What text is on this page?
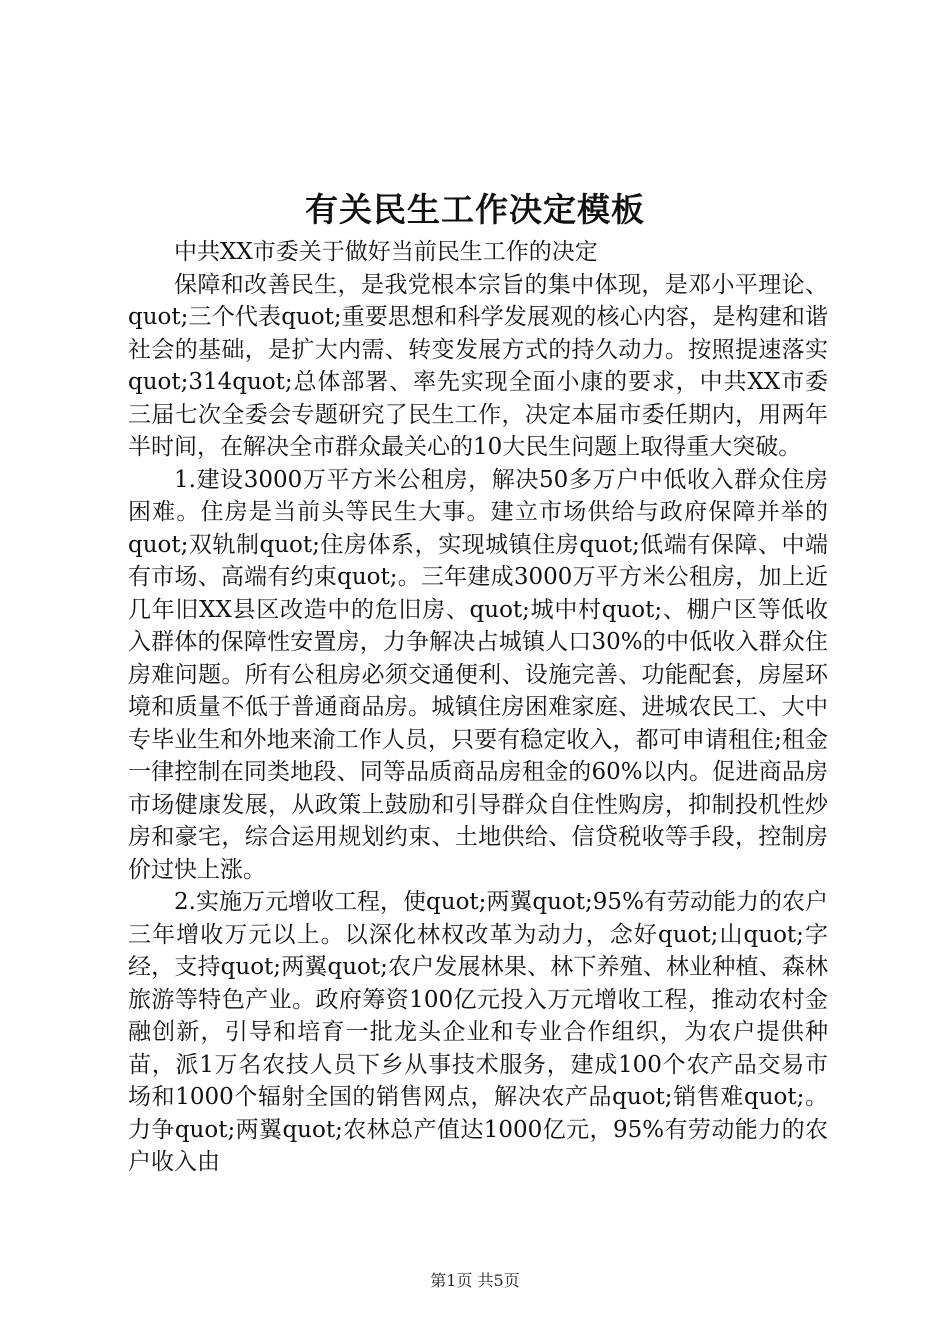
有关民生工作决定模板

中共XX市委关于做好当前民生工作的决定

保障和改善民生，是我党根本宗旨的集中体现，是邓小平理论、quot;三个代表quot;重要思想和科学发展观的核心内容，是构建和谐社会的基础，是扩大内需、转变发展方式的持久动力。按照提速落实quot;314quot;总体部署、率先实现全面小康的要求，中共XX市委三届七次全委会专题研究了民生工作，决定本届市委任期内，用两年半时间，在解决全市群众最关心的10大民生问题上取得重大突破。

1.建设3000万平方米公租房，解决50多万户中低收入群众住房困难。住房是当前头等民生大事。建立市场供给与政府保障并举的quot;双轨制quot;住房体系，实现城镇住房quot;低端有保障、中端有市场、高端有约束quot;。三年建成3000万平方米公租房，加上近几年旧XX县区改造中的危旧房、quot;城中村quot;、棚户区等低收入群体的保障性安置房，力争解决占城镇人口30%的中低收入群众住房难问题。所有公租房必须交通便利、设施完善、功能配套，房屋环境和质量不低于普通商品房。城镇住房困难家庭、进城农民工、大中专毕业生和外地来渝工作人员，只要有稳定收入，都可申请租住;租金一律控制在同类地段、同等品质商品房租金的60%以内。促进商品房市场健康发展，从政策上鼓励和引导群众自住性购房，抑制投机性炒房和豪宅，综合运用规划约束、土地供给、信贷税收等手段，控制房价过快上涨。

2.实施万元增收工程，使quot;两翼quot;95%有劳动能力的农户三年增收万元以上。以深化林权改革为动力，念好quot;山quot;字经，支持quot;两翼quot;农户发展林果、林下养殖、林业种植、森林旅游等特色产业。政府筹资100亿元投入万元增收工程，推动农村金融创新，引导和培育一批龙头企业和专业合作组织，为农户提供种苗，派1万名农技人员下乡从事技术服务，建成100个农产品交易市场和1000个辐射全国的销售网点，解决农产品quot;销售难quot;。力争quot;两翼quot;农林总产值达1000亿元，95%有劳动能力的农户收入由

第1页 共5页
